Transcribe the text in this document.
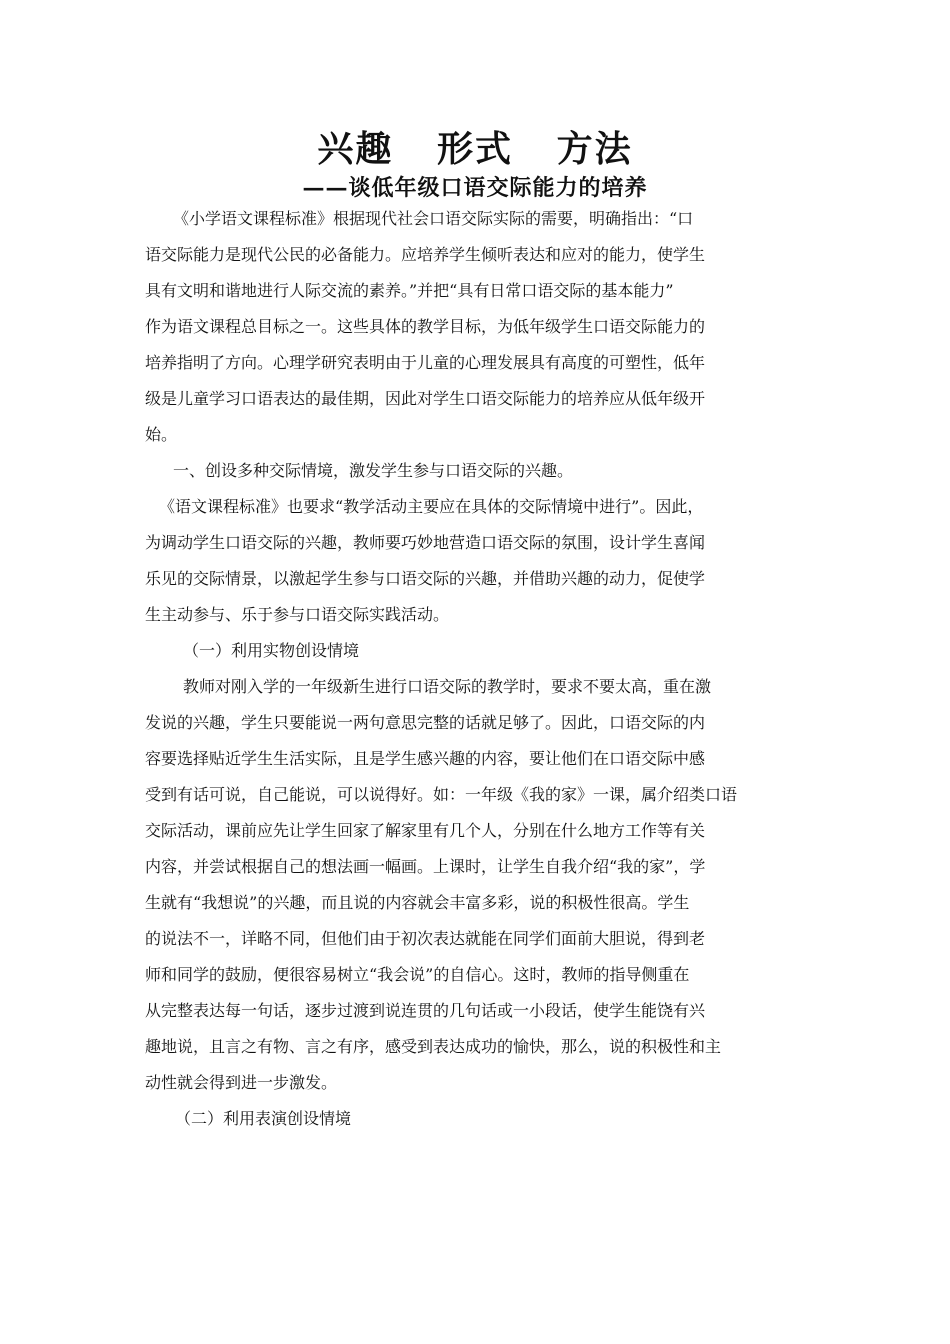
兴趣   形式   方法
——谈低年级口语交际能力的培养
《小学语文课程标准》根据现代社会口语交际实际的需要，明确指出：“口
语交际能力是现代公民的必备能力。应培养学生倾听表达和应对的能力，使学生
具有文明和谐地进行人际交流的素养。”并把“具有日常口语交际的基本能力”
作为语文课程总目标之一。这些具体的教学目标，为低年级学生口语交际能力的
培养指明了方向。心理学研究表明由于儿童的心理发展具有高度的可塑性，低年
级是儿童学习口语表达的最佳期，因此对学生口语交际能力的培养应从低年级开
始。
一、创设多种交际情境，激发学生参与口语交际的兴趣。
《语文课程标准》也要求“教学活动主要应在具体的交际情境中进行”。因此，
为调动学生口语交际的兴趣，教师要巧妙地营造口语交际的氛围，设计学生喜闻
乐见的交际情景，以激起学生参与口语交际的兴趣，并借助兴趣的动力，促使学
生主动参与、乐于参与口语交际实践活动。
（一）利用实物创设情境
教师对刚入学的一年级新生进行口语交际的教学时，要求不要太高，重在激
发说的兴趣，学生只要能说一两句意思完整的话就足够了。因此，口语交际的内
容要选择贴近学生生活实际，且是学生感兴趣的内容，要让他们在口语交际中感
受到有话可说，自己能说，可以说得好。如：一年级《我的家》一课，属介绍类口语
交际活动，课前应先让学生回家了解家里有几个人，分别在什么地方工作等有关
内容，并尝试根据自己的想法画一幅画。上课时，让学生自我介绍“我的家”，学
生就有“我想说”的兴趣，而且说的内容就会丰富多彩，说的积极性很高。学生
的说法不一，详略不同，但他们由于初次表达就能在同学们面前大胆说，得到老
师和同学的鼓励，便很容易树立“我会说”的自信心。这时，教师的指导侧重在
从完整表达每一句话，逐步过渡到说连贯的几句话或一小段话，使学生能饶有兴
趣地说，且言之有物、言之有序，感受到表达成功的愉快，那么，说的积极性和主
动性就会得到进一步激发。
（二）利用表演创设情境
